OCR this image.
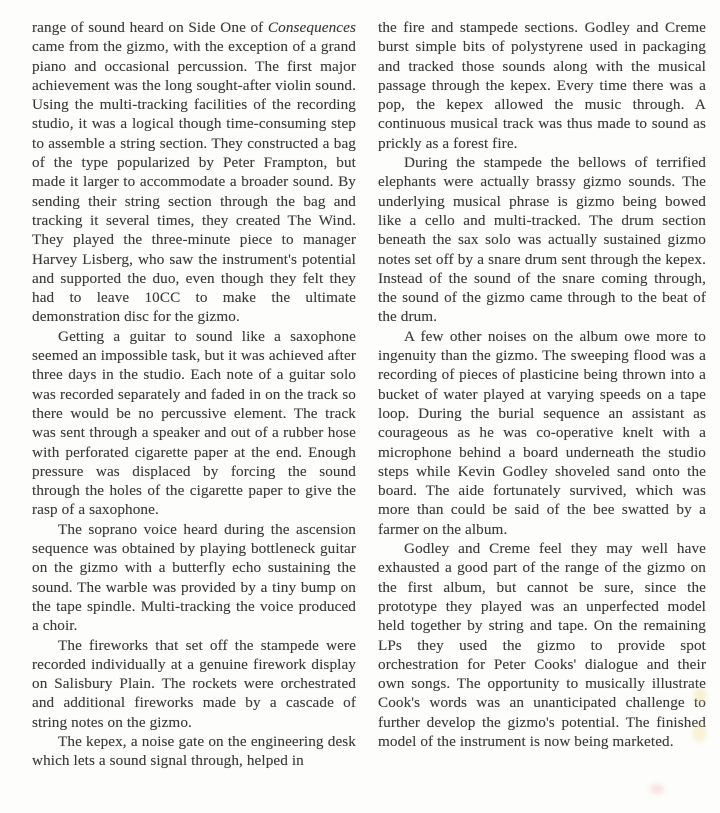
range of sound heard on Side One of Consequences came from the gizmo, with the exception of a grand piano and occasional percussion. The first major achievement was the long sought-after violin sound. Using the multi-tracking facilities of the recording studio, it was a logical though time-consuming step to assemble a string section. They constructed a bag of the type popularized by Peter Frampton, but made it larger to accommodate a broader sound. By sending their string section through the bag and tracking it several times, they created The Wind. They played the three-minute piece to manager Harvey Lisberg, who saw the instrument's potential and supported the duo, even though they felt they had to leave 10CC to make the ultimate demonstration disc for the gizmo.

Getting a guitar to sound like a saxophone seemed an impossible task, but it was achieved after three days in the studio. Each note of a guitar solo was recorded separately and faded in on the track so there would be no percussive element. The track was sent through a speaker and out of a rubber hose with perforated cigarette paper at the end. Enough pressure was displaced by forcing the sound through the holes of the cigarette paper to give the rasp of a saxophone.

The soprano voice heard during the ascension sequence was obtained by playing bottleneck guitar on the gizmo with a butterfly echo sustaining the sound. The warble was provided by a tiny bump on the tape spindle. Multi-tracking the voice produced a choir.

The fireworks that set off the stampede were recorded individually at a genuine firework display on Salisbury Plain. The rockets were orchestrated and additional fireworks made by a cascade of string notes on the gizmo.

The kepex, a noise gate on the engineering desk which lets a sound signal through, helped in

the fire and stampede sections. Godley and Creme burst simple bits of polystyrene used in packaging and tracked those sounds along with the musical passage through the kepex. Every time there was a pop, the kepex allowed the music through. A continuous musical track was thus made to sound as prickly as a forest fire.

During the stampede the bellows of terrified elephants were actually brassy gizmo sounds. The underlying musical phrase is gizmo being bowed like a cello and multi-tracked. The drum section beneath the sax solo was actually sustained gizmo notes set off by a snare drum sent through the kepex. Instead of the sound of the snare coming through, the sound of the gizmo came through to the beat of the drum.

A few other noises on the album owe more to ingenuity than the gizmo. The sweeping flood was a recording of pieces of plasticine being thrown into a bucket of water played at varying speeds on a tape loop. During the burial sequence an assistant as courageous as he was co-operative knelt with a microphone behind a board underneath the studio steps while Kevin Godley shoveled sand onto the board. The aide fortunately survived, which was more than could be said of the bee swatted by a farmer on the album.

Godley and Creme feel they may well have exhausted a good part of the range of the gizmo on the first album, but cannot be sure, since the prototype they played was an unperfected model held together by string and tape. On the remaining LPs they used the gizmo to provide spot orchestration for Peter Cooks' dialogue and their own songs. The opportunity to musically illustrate Cook's words was an unanticipated challenge to further develop the gizmo's potential. The finished model of the instrument is now being marketed.
